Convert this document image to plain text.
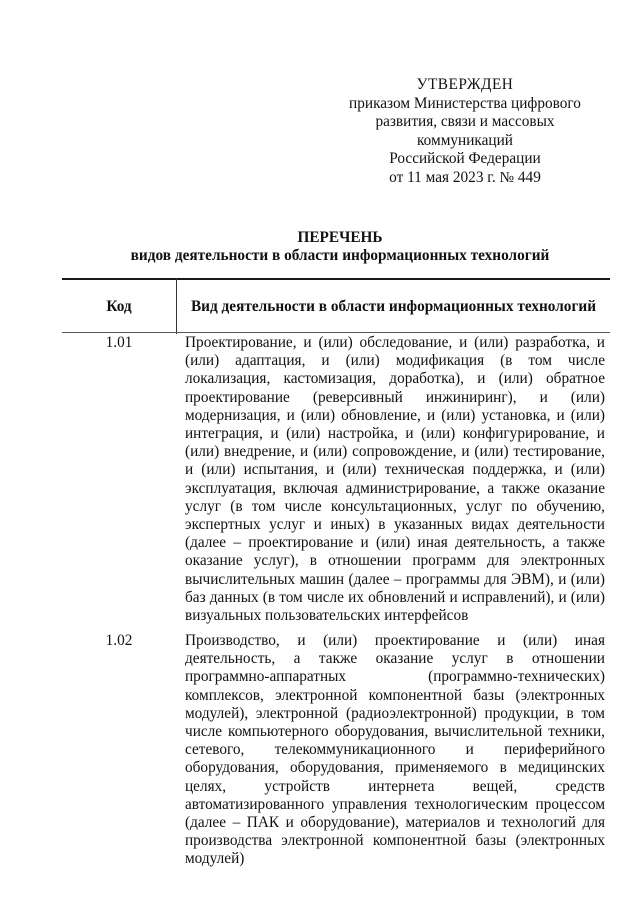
УТВЕРЖДЕН
приказом Министерства цифрового
развития, связи и массовых
коммуникаций
Российской Федерации
от 11 мая 2023 г. № 449
ПЕРЕЧЕНЬ
видов деятельности в области информационных технологий
Код	Вид деятельности в области информационных технологий
1.01	Проектирование, и (или) обследование, и (или) разработка, и (или) адаптация, и (или) модификация (в том числе локализация, кастомизация, доработка), и (или) обратное проектирование (реверсивный инжиниринг), и (или) модернизация, и (или) обновление, и (или) установка, и (или) интеграция, и (или) настройка, и (или) конфигурирование, и (или) внедрение, и (или) сопровождение, и (или) тестирование, и (или) испытания, и (или) техническая поддержка, и (или) эксплуатация, включая администрирование, а также оказание услуг (в том числе консультационных, услуг по обучению, экспертных услуг и иных) в указанных видах деятельности (далее – проектирование и (или) иная деятельность, а также оказание услуг), в отношении программ для электронных вычислительных машин (далее – программы для ЭВМ), и (или) баз данных (в том числе их обновлений и исправлений), и (или) визуальных пользовательских интерфейсов
1.02	Производство, и (или) проектирование и (или) иная деятельность, а также оказание услуг в отношении программно-аппаратных (программно-технических) комплексов, электронной компонентной базы (электронных модулей), электронной (радиоэлектронной) продукции, в том числе компьютерного оборудования, вычислительной техники, сетевого, телекоммуникационного и периферийного оборудования, оборудования, применяемого в медицинских целях, устройств интернета вещей, средств автоматизированного управления технологическим процессом (далее – ПАК и оборудование), материалов и технологий для производства электронной компонентной базы (электронных модулей)
